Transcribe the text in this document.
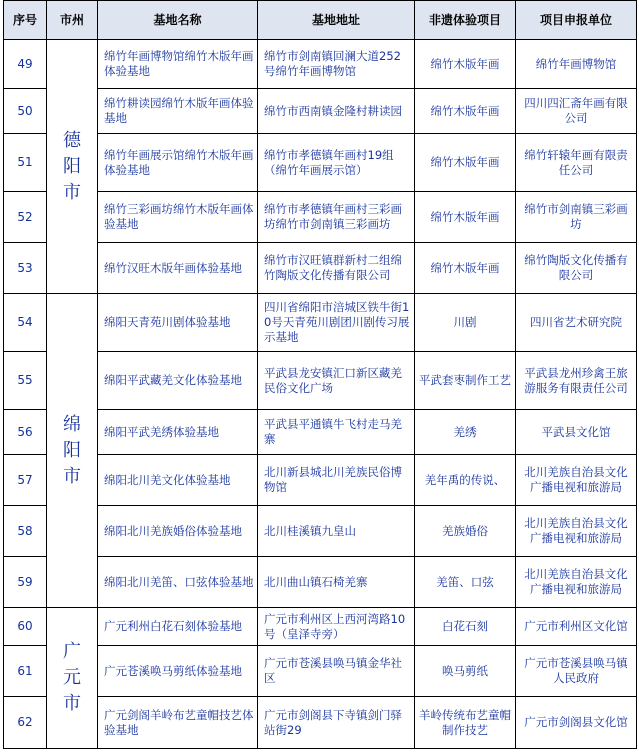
序号	市州	基地名称	基地地址	非遗体验项目	项目申报单位
49	德阳市	绵竹年画博物馆绵竹木版年画体验基地	绵竹市剑南镇回澜大道252号绵竹年画博物馆	绵竹木版年画	绵竹年画博物馆
50		绵竹耕读园绵竹木版年画体验基地	绵竹市西南镇金隆村耕读园	绵竹木版年画	四川四汇斋年画有限公司
51		绵竹年画展示馆绵竹木版年画体验基地	绵竹市孝德镇年画村19组（绵竹年画展示馆）	绵竹木版年画	绵竹轩辕年画有限责任公司
52		绵竹三彩画坊绵竹木版年画体验基地	绵竹市孝德镇年画村三彩画坊绵竹市剑南镇三彩画坊	绵竹木版年画	绵竹市剑南镇三彩画坊
53		绵竹汉旺木版年画体验基地	绵竹市汉旺镇群新村二组绵竹陶版文化传播有限公司	绵竹木版年画	绵竹陶版文化传播有限公司
54	绵阳市	绵阳天青苑川剧体验基地	四川省绵阳市涪城区铁牛街10号天青苑川剧团川剧传习展示基地	川剧	四川省艺术研究院
55		绵阳平武藏羌文化体验基地	平武县龙安镇汇口新区藏羌民俗文化广场	平武套枣制作工艺	平武县龙州珍禽王旅游服务有限责任公司
56		绵阳平武羌绣体验基地	平武县平通镇牛飞村走马羌寨	羌绣	平武县文化馆
57		绵阳北川羌文化体验基地	北川新县城北川羌族民俗博物馆	羌年禹的传说、	北川羌族自治县文化广播电视和旅游局
58		绵阳北川羌族婚俗体验基地	北川桂溪镇九皇山	羌族婚俗	北川羌族自治县文化广播电视和旅游局
59		绵阳北川羌笛、口弦体验基地	北川曲山镇石椅羌寨	羌笛、口弦	北川羌族自治县文化广播电视和旅游局
60	广元市	广元利州白花石刻体验基地	广元市利州区上西河湾路10号（皇泽寺旁）	白花石刻	广元市利州区文化馆
61		广元苍溪唤马剪纸体验基地	广元市苍溪县唤马镇金华社区	唤马剪纸	广元市苍溪县唤马镇人民政府
62		广元剑阁羊岭布艺童帽技艺体验基地	广元市剑阁县下寺镇剑门驿站街29	羊岭传统布艺童帽制作技艺	广元市剑阁县文化馆
